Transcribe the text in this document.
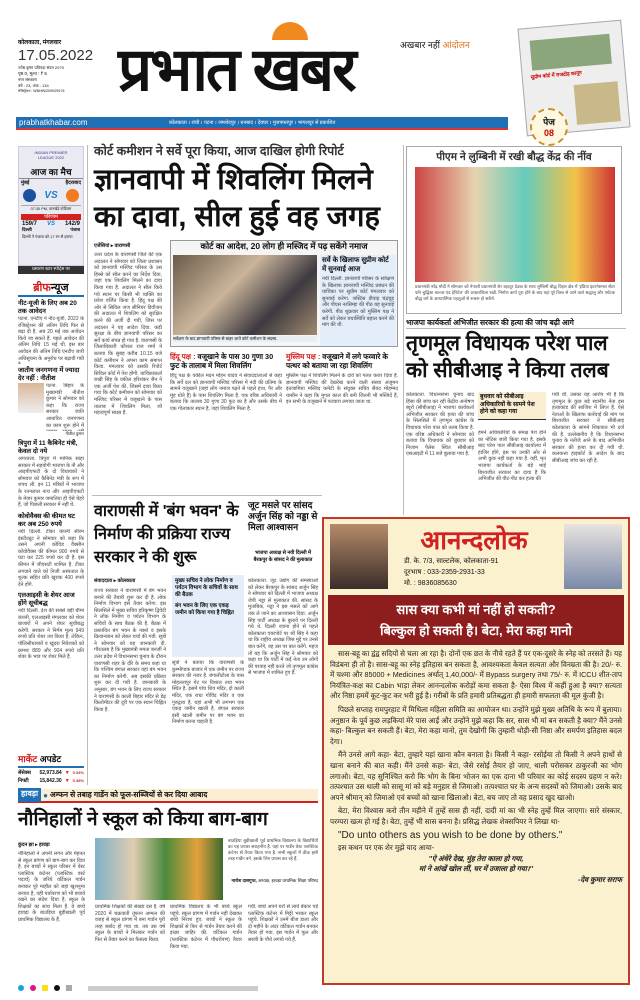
कोलकाता, मंगलवार
17.05.2022
ज्येष्ठ कृष्ण प्रतिपदा संवत 2079
पृष्ठ 0, मूल्य : ₹ 5
नगर संस्करण
वर्ष : 23, अंक : 134
रजिस्ट्रेशन : WBHIN/2009/29176 प्रभात खबर	अखबार नहीं आंदोलन
prabhatkhabar.com	कोलकाता । रांची । पटना । जमशेदपुर । धनबाद । देवघर । मुजफ्फरपुर । भागलपुर से प्रकाशित
सुप्रीम कोर्ट में राजद्रोह कानून
पेज
08
INDIAN PREMIER LEAGUE 2022
आज का मैच
मुंबई	हैदराबाद
VS
07:30 PM, वानखेड़े स्टेडियम
परिणाम
159/7 VS 142/9
दिल्ली	पंजाब
दिल्ली ने पंजाब को 17 रन से हराया
प्रसारण स्टार स्पोर्ट्स पर
ब्रीफन्यूज
नीट-यूजी के लिए अब 20 तक आवेदन
पटना. एनटीए ने नीट-यूजी, 2022 के रजिस्ट्रेशन की अंतिम तिथि फिर से बढ़ा दी है. अब 20 मई तक आवेदन किये जा सकते हैं. पहले आवेदन की अंतिम तिथि 15 मई थी. इस बार आवेदन की अंतिम तिथि एनटीए जारी अधिसूचना के अनुरोध पर बढ़ायी गयी
जातीय जनगणना में ज्यादा देर नहीं : नीतीश
पटना. बिहार के मुख्यमंत्री नीतीश कुमार ने सोमवार को कहा कि राज्य सरकार जाति आधारित जनगणना का काम शुरू होने में
नीतीश कुमार
त्रिपुरा में 11 कैबिनेट मंत्री, केवल दो नये
अगरतला. त्रिपुरा में मानिक साहा सरकार में सहयोगी भाजपा के नौ और आइपीएफटी के दो विधायकों ने सोमवार को कैबिनेट मंत्री के रूप में शपथ ली. इन 11 मंत्रियों में भाजपा के रतनलाल नाथ और आइपीएफटी के मेवार कुमार जमातिया ही ऐसे चेहरे हैं, जो पिछली सरकार में नहीं थे.
कोवोवैक्स की कीमत घट कर अब 250 रुपये
नयी दिल्ली. टीका कंपनी सीरम इंस्टीट्यूट ने सोमवार को कहा कि उसने अपनी कोविड वैक्सीन कोवोवैक्स की कीमत 900 रुपये से घटा कर 225 रुपये कर दी है. इस कीमत में जीएसटी शामिल है. टीका लगवाने वाले को निजी अस्पताल के शुल्क सहित प्रति खुराक 400 रुपये देने होंगे.
एलआइसी के शेयर आज होंगे सूचीबद्ध
नयी दिल्ली. देश की सबसे बड़ी बीमा कंपनी, एलआइसी मंगलवार को शेयर बाजारों में अपने शेयर सूचीबद्ध करेगी. सरकार ने निर्गम मूल्य 949 रुपये प्रति शेयर तय किया है. लेकिन, पॉलिसीधारकों व खुदरा निवेशकों को क्रमशः 889 और 904 रुपये प्रति शेयर के भाव पर शेयर मिले हैं.
मार्केट अपडेट
सेंसेक्स	52,973.84 ▼ 0.34%
निफ्टी	15,842.30 ▼ 0.38%
कोर्ट कमीशन ने सर्वे पूरा किया, आज दाखिल होगी रिपोर्ट
ज्ञानवापी में शिवलिंग मिलने का दावा, सील हुई वह जगह
एजेंसियां ▸ वाराणसी
उत्तर प्रदेश के वाराणसी जिले की एक अदालत ने सोमवार को जिला प्रशासन को ज्ञानवापी मस्जिद परिसर के उस हिस्से को सील करने का निर्देश दिया, जहां एक शिवलिंग मिलने का दावा किया गया है. अदालत ने सील किये गये स्थान पर किसी भी व्यक्ति का प्रवेश वर्जित किया है. हिंदू पक्ष की ओर से सिविल जज सीनियर डिवीजन की अदालत में शिवलिंग को सुरक्षित करने की अर्जी दी गयी, जिस पर अदालत ने यह आदेश दिया. कड़ी सुरक्षा के बीच ज्ञानवापी परिसर का सर्वे कार्य संपन्न हो गया है. वाराणसी के जिलाधिकारी कौशल राज शर्मा ने बताया कि सुबह करीब 10.15 बजे कोर्ट कमीशन ने अपना काम समाप्त किया. मंगलवार को उसकी रिपोर्ट सिविल कोर्ट में पेश होगी. याचिकाकर्ता राखी सिंह के वकील हरिशंकर जैन ने एक अर्जी पेश की, जिसमें दावा किया गया कि कोर्ट कमीशन को सोमवार को मस्जिद परिसर में वजूखाने के पास तालाब में शिवलिंग मिला, जो महत्वपूर्ण साक्ष्य है.
कोर्ट का आदेश, 20 लोग ही मस्जिद में पढ़ सकेंगे नमाज
सर्वेक्षण के बाद ज्ञानवापी परिसर से बाहर आते कोर्ट कमीशन के सदस्य.
सर्वे के खिलाफ सुप्रीम कोर्ट में सुनवाई आज
नयी दिल्ली. ज्ञानवापी परिसर के सर्वेक्षण के खिलाफ ज्ञानवापी मस्जिद प्रबंधन की याचिका पर सुप्रीम कोर्ट मंगलवार को सुनवाई करेगा. जस्टिस डीवाइ चंद्रचूड़ और पीएस नरसिम्हा की पीठ यह सुनवाई करेगी. पीठ शुक्रवार को मुस्लिम पक्ष ने सर्वे को लेकर यथास्थिति बहाल करने की मांग की थी.
हिंदू पक्ष : वजूखाने के पास 30 गुणा 30 फुट के तालाब में मिला शिवलिंग
हिंदू पक्ष के वकील मदन मोहन यादव ने संवाददाताओं से कहा कि सर्वे दल को ज्ञानवापी मस्जिद परिसर में नंदी की प्रतिमा के सामने वजूखाने (जहां लोग नमाज पढ़ने से पहले हाथ, पैर और मुंह धोते हैं) के पास शिवलिंग मिला है. एक वरिष्ठ अधिकारी ने बताया कि तालाब 30 गुणा 30 फुट का है और उसके बीच में एक गोलाकार स्थान है, जहां शिवलिंग मिला है.
मुस्लिम पक्ष : वजूखाने में लगे फव्वारे के पत्थर को बताया जा रहा शिवलिंग
मुस्लिम पक्ष ने शिवलिंग मिलने के दावे को गलत करार दिया है. ज्ञानवापी मस्जिद की देखरेख करने वाली संस्था अंजुमन इंतजामिया मस्जिद कमेटी के संयुक्त सचिव सैयद मोहम्मद यासीन ने कहा कि मुगल काल की बनी जितनी भी मस्जिदें हैं, इन सभी के वजूखाने में फव्वारा लगाया जाता था.
पीएम ने लुम्बिनी में रखी बौद्ध केंद्र की नींव
प्रधानमंत्री नरेंद्र मोदी ने सोमवार को नेपाली प्रधानमंत्री शेर बहादुर देउबा के साथ लुम्बिनी बौद्ध विहार क्षेत्र में 'इंडिया इंटरनेशनल सेंटर फॉर बुद्धिस्ट कल्चर एंड हेरिटेज' की आधारशिला रखी. निर्माण कार्य पूरा होने के बाद यहां पूरे विश्व से आने वाले श्रद्धालु और पर्यटक बौद्ध धर्म के आध्यात्मिक पहलुओं से रूबरू हो सकेंगे.
भाजपा कार्यकर्ता अभिजीत सरकार की हत्या की जांच बढ़ी आगे
तृणमूल विधायक परेश पाल को सीबीआइ ने किया तलब
कोलकाता. विधानसभा चुनाव बाद हिंसा की जांच कर रही केंद्रीय अन्वेषण ब्यूरो (सीबीआइ) ने भाजपा कार्यकर्ता अभिजीत सरकार की हत्या की जांच के सिलसिले में तृणमूल कांग्रेस के विधायक परेश पाल को तलब किया है. एक वरिष्ठ अधिकारी ने सोमवार को बताया कि विधायक को बुधवार को निजाम पैलेस स्थित सीबीआइ एसआइटी में 11 बजे बुलाया गया है.
बुधवार को सीबीआइ अधिकारियों के सामने पेश होने को कहा गया
हमने अधिकारियों के समक्ष पेश होने का नोटिस जारी किया गया है. इसके बाद परेश पाल सीबीआइ कार्यालय में हाजिर होंगे, इस पर उनकी ओर से अभी कुछ नहीं कहा गया है. वहीं, मृत भाजपा कार्यकर्ता के बड़े भाई बिश्वजीत सरकार का दावा है कि अभिजीत की पीट-पीट कर हत्या की
गयी थी. उसका यह आरोप भी है कि तृणमूल के कुछ बड़े स्थानीय नेता इस हत्याकांड की साजिश में लिप्त हैं. ऐसे नेताओं के खिलाफ कार्रवाई की मांग पर बिश्वजीत सरकार ने सीबीआइ कोलकाता के सामने शिकायत भी दर्ज की है. उल्लेखनीय है कि विधानसभा चुनाव के नतीजे आने के बाद अभिजीत सरकार की हत्या कर दी गयी थी. कलकत्ता हाइकोर्ट के आदेश के बाद सीबीआइ जांच कर रही है.
वाराणसी में 'बंग भवन' के निर्माण की प्रक्रिया राज्य सरकार ने की शुरू
संवाददाता ▸ कोलकाता
राज्य सरकार ने वाराणसी में बंग भवन बनाने की तैयारी शुरू कर दी है. लोक निर्माण विभाग इसे तैयार करेगा. इस सिलसिले में मुख्य सचिव हरिकृष्ण द्विवेदी ने लोक निर्माण व पर्यटन विभाग के सचिवों के साथ बैठक की है. बैठक में प्रस्तावित बंग भवन के नक्शे व इसके क्रियान्वयन को लेकर चर्चा की गयी. सूत्रों ने सोमवार को यह जानकारी दी. गौरतलब है कि मुख्यमंत्री ममता बनर्जी ने उत्तर प्रदेश में विधानसभा चुनाव के दौरान वाराणसी शहर के दौरे के समय कहा था कि पश्चिम बंगाल सरकार वहां बंग भवन का निर्माण करेगी. अब इसकी प्रक्रिया शुरू कर दी गयी है. जानकारी के अनुसार, बंग भवन के लिए राज्य सरकार ने वाराणसी के काली बिहार मंदिर से डेढ़ किलोमीटर की दूरी पर एक स्थान चिह्नित किया है.
मुख्य सचिव ने लोक निर्माण व पर्यटन विभाग के सचिवों के साथ की बैठक
बंग भवन के लिए एक एकड़ जमीन को किया गया है चिह्नित
सूत्रों ने बताया कि वाराणसी के कुम्भीपाक बाजार में एक जमीन पर राज्य सरकार की नजर है. बंगालीटोला के पास मोहल्लापुर गेट पर विशाल तथा भवन स्थित है. इसमें पांच शिव मंदिर, दो काली मंदिर, एक राधा गोविंद मंदिर व एक गुरुद्वारा है. यहां अभी भी लगभग एक एकड़ जमीन खाली है. बंगाल सरकार इसी खाली जमीन पर बंग भवन का निर्माण करना चाहती है.
जूट मसले पर सांसद अर्जुन सिंह को नड्डा से मिला आश्वासन
भाजपा अध्यक्ष से नयी दिल्ली में बैरकपुर के सांसद ने की मुलाकात
कोलकाता. जूट उद्योग की समस्याओं को लेकर बैरकपुर के सांसद अर्जुन सिंह ने सोमवार को दिल्ली में भाजपा अध्यक्ष जेपी नड्डा से मुलाकात की. सांसद के मुताबिक, नड्डा ने इस मसले को आगे तक ले जाने का आश्वासन दिया. अर्जुन सिंह पार्टी अध्यक्ष के बुलावे पर दिल्ली गये थे. दिल्ली रवाना होने से पहले कोलकाता एयरपोर्ट पर श्री सिंह ने कहा था कि राष्ट्रीय अध्यक्ष जिस मुद्दे पर उनसे बात करेंगे, वह उस पर बात करेंगे. महज तो यह कि अर्जुन सिंह ने सोमवार को कहा था कि पार्टी में कई नेता उन लोगों की परवाह नहीं करते जो तृणमूल कांग्रेस से भाजपा में शामिल हुए हैं.
आनन्दलोक
डी. के. 7/3, साल्टलेक, कोलकाता-91
दूरभाष : 033-2359-2931-33
मो. : 9836085630
सास क्या कभी मां नहीं हो सकती?
बिल्कुल हो सकती है। बेटा, मेरा कहा मानो

सास-बहू का द्वंद्व सदियों से चला आ रहा है। दोनों एक छत के नीचे रहते हैं पर एक-दूसरे के स्नेह को तरसते हैं। यह विडंबना ही तो है। सास-बहू का स्नेह इतिहास बन सकता है, आवश्यकता केवल सत्यता और विनम्रता की है। 20/- रु. में चश्मा और 85000 + Medicines अर्थात् 1,40,000/- में Bypass surgery तथा 75/- रु. में ICCU शीत-ताप नियंत्रित-कक्ष का Cabin भाड़ा लेकर आनन्दलोक करोड़ों कमा सकता है- ऐसा विश्व में कहीं हुआ है क्या? सत्यता और निष्ठा हममें कूट-कूट कर भरी हुई है। गरीबों के प्रति हमारी प्रतिबद्धता ही हमारी सफलता की मूल कुंजी है।

पिछले सप्ताह रामपुरहाट में मिथिला महिला समिति का आयोजन था। उन्होंने मुझे मुख्य अतिथि के रूप में बुलाया। अनुष्ठान के पूर्व कुछ लड़कियां मेरे पास आईं और उन्होंने मुझे कहा कि सर, सास भी मां बन सकती है क्या? मैंने उनसे कहा- बिल्कुल बन सकती हैं। बेटा, मेरा कहा मानो, तुम देखोगी कि तुम्हारी थोड़ी-सी निष्ठा और समर्पण इतिहास बदल देगा।

मैंने उनसे आगे कहा- बेटा, तुम्हारे यहां खाना कौन बनाता है। किसी ने कहा- रसोईया तो किसी ने अपने हाथों से खाना बनाने की बात कही। मैंने उनसे कहा- बेटा, जैसे रसोई तैयार हो जाए, थाली परोसकर ठाकुरजी का भोग लगाओ। बेटा, यह सुनिश्चित करो कि भोग के बिना भोजन का एक दाना भी परिवार का कोई सदस्य ग्रहण न करे। तत्पश्चात उस थाली को सासू मां को बड़े मनुहार से जिमाओ। तत्पश्चात घर के अन्य सदस्यों को जिमाओ। उसके बाद अपने श्रीमान् को जिमाओ एवं बच्चों को खाना खिलाओ। बेटा, बच जाए तो वह प्रसाद खुद खाओ।

बेटा, मेरा विश्वास करो तीन महीने में तुम्हें सास ही नहीं, दादी मां का भी स्नेह तुम्हें मिल जाएगा। सारे संस्कार, परम्परा खत्म हो गई है। बेटा, तुम्हें भी सास बनना है। प्रसिद्ध लेखक शेक्सपियर ने लिखा था-

"Do unto others as you wish to be done by others."

इस कथन पर एक शेर मुझे याद आया-

''ऐ अंधेरे देख, मुंह तेरा काला हो गया,

मां ने आंखें खोल लीं, घर में उजाला हो गया।''

-देव कुमार सराफ

हावड़ा ● अम्फन से तबाह गार्डेन को फूल-सब्जियों से कर दिया आबाद
नौनिहालों ने स्कूल को किया बाग-बाग
कुंदन झा ▸ हावड़ा
नौनिहालों ने अपनी लगन और मेहनत से स्कूल प्रांगण को बाग-बाग कर दिया है. इन बच्चों ने स्कूल परिसर में वेस्ट प्लास्टिक कंटेनर (प्लास्टिक वर्स्ट पदार्थ) के जरिये वर्टिकल गार्डन बनाकर पूरे माहौल को जहां खुशनुमा बनाया है, वहीं पर्यावरण को भी बचाये रखने का संदेश दिया है. स्कूल के शिक्षकों का साथ मिला है. ये बच्चे हावड़ा के बाउड़िया बुड़ीखाली पूर्व प्राथमिक विद्यालय के हैं.
बाउड़िया बुड़ीखाली पूर्व प्राथमिक विद्यालय के विद्यार्थियों का यह प्रयास सराहनीय है. यहां पर गार्डेन वेस्ट प्लास्टिक कंटेनर से तैयार किया गया है. सभी स्कूलों में ठीक इसी तरह गार्डेन बने, इसके लिए प्रयास कर रहे हैं.
नारोश दासगुप्त, अध्यक्ष, हावड़ा प्राथमिक शिक्षा परिषद
प्राथमिक शिक्षकों की संख्या दस है. वर्ष 2020 में चक्रवाती तूफान अम्फन की वजह से स्कूल प्रांगण में बना गार्डन पूरी तरह बर्बाद हो गया था. तब उस वर्ष स्कूल के बच्चों ने मिलकर गार्डन को फिर से तैयार करने का फैसला किया.
प्राथमिक विद्यालय के भी बच्चे स्कूल पहुंचे. स्कूल प्रांगण में गार्डन नहीं देखकर बच्चे निराश हुए. बच्चों ने स्कूल के शिक्षकों से फिर से गार्डन तैयार करने की इच्छा जाहिर की. वर्टिकल गार्डन (प्लास्टिक कंटेनर में पौधरोपण) तैयार किया गया.
गयी. बच्चे अपने घरों से लाये बेकार पड़े प्लास्टिक कंटेनर में मिट्टी भरकर स्कूल पहुंचे. शिक्षकों ने उनमें बीज डाला और दो महीने के अंदर वर्टिकल गार्डन बनकर तैयार हो गया. इस गार्डन में फूल और सब्जी के पौधे लगाये गये हैं.
